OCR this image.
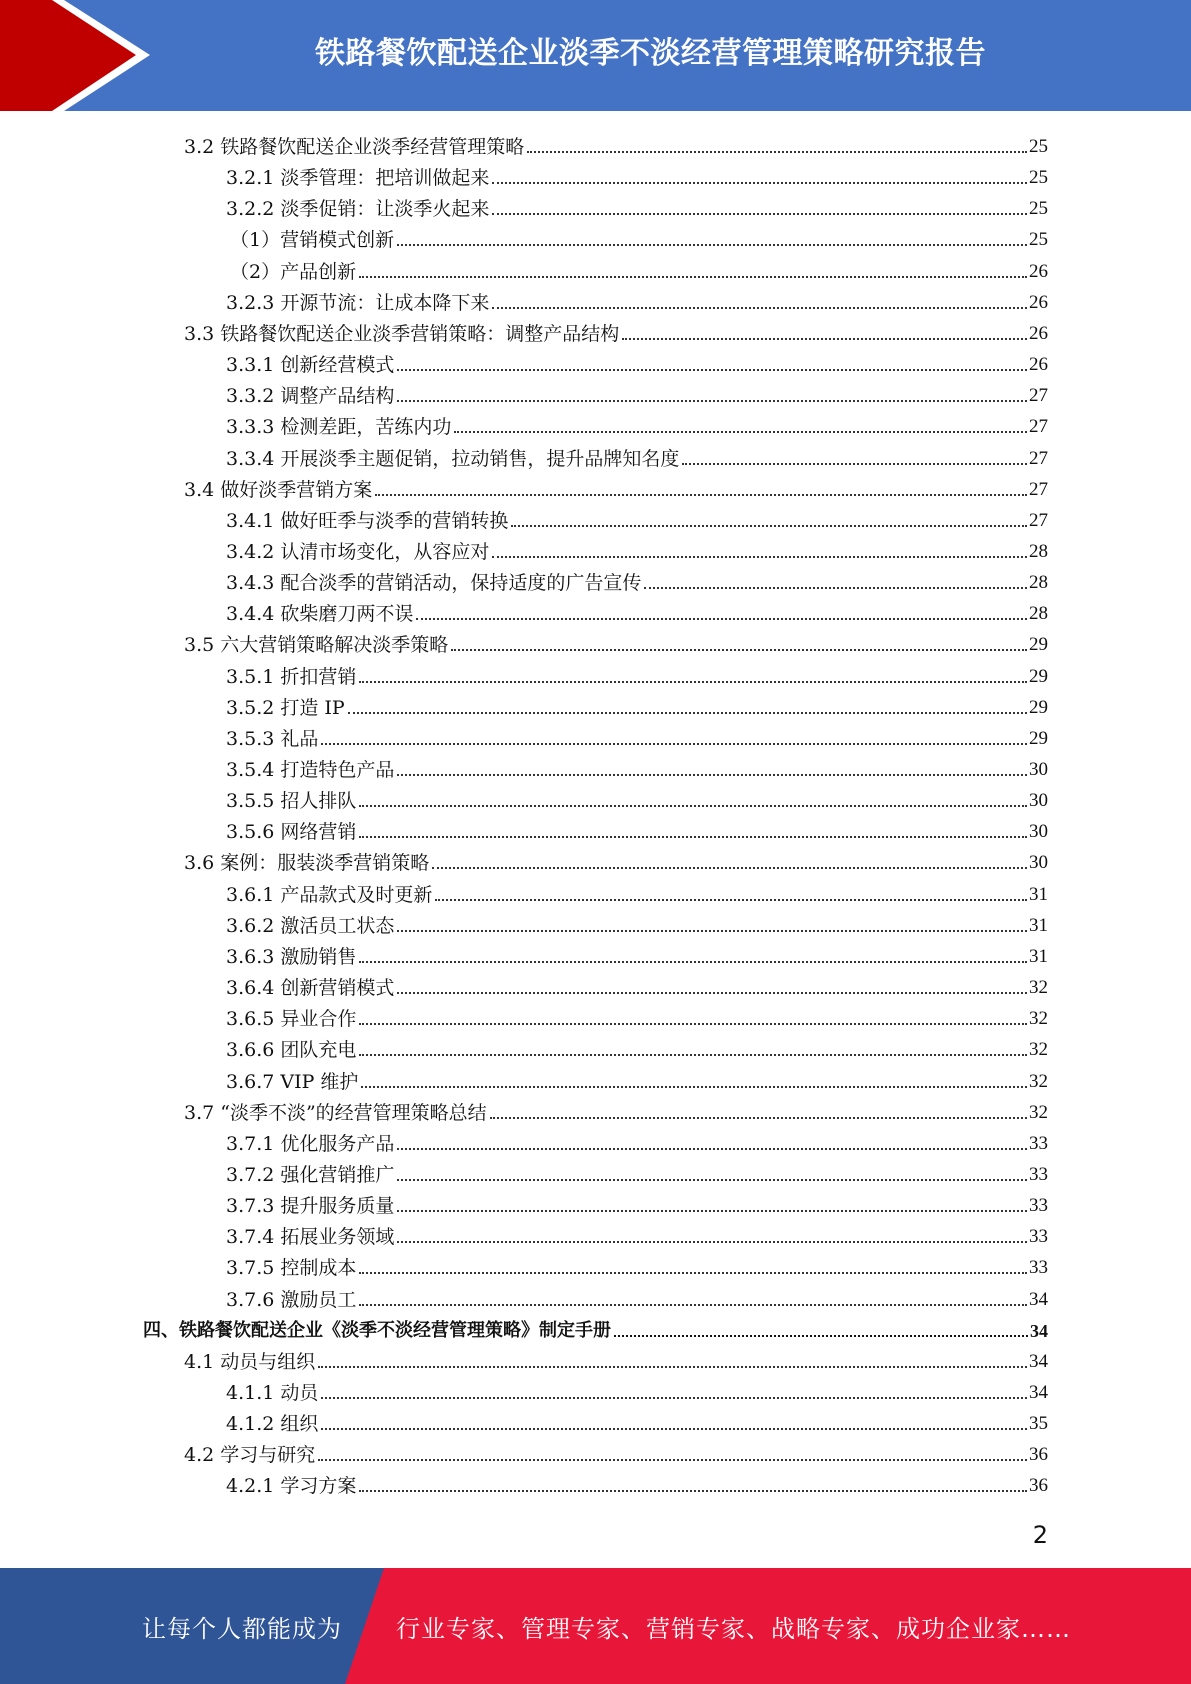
铁路餐饮配送企业淡季不淡经营管理策略研究报告
3.2 铁路餐饮配送企业淡季经营管理策略	25
3.2.1 淡季管理：把培训做起来	25
3.2.2 淡季促销：让淡季火起来	25
（1）营销模式创新	25
（2）产品创新	26
3.2.3 开源节流：让成本降下来	26
3.3 铁路餐饮配送企业淡季营销策略：调整产品结构	26
3.3.1 创新经营模式	26
3.3.2 调整产品结构	27
3.3.3 检测差距，苦练内功	27
3.3.4 开展淡季主题促销，拉动销售，提升品牌知名度	27
3.4 做好淡季营销方案	27
3.4.1 做好旺季与淡季的营销转换	27
3.4.2 认清市场变化，从容应对	28
3.4.3 配合淡季的营销活动，保持适度的广告宣传	28
3.4.4 砍柴磨刀两不误	28
3.5 六大营销策略解决淡季策略	29
3.5.1 折扣营销	29
3.5.2 打造 IP	29
3.5.3 礼品	29
3.5.4 打造特色产品	30
3.5.5 招人排队	30
3.5.6 网络营销	30
3.6 案例：服装淡季营销策略	30
3.6.1 产品款式及时更新	31
3.6.2 激活员工状态	31
3.6.3 激励销售	31
3.6.4 创新营销模式	32
3.6.5 异业合作	32
3.6.6 团队充电	32
3.6.7 VIP 维护	32
3.7 “淡季不淡”的经营管理策略总结	32
3.7.1 优化服务产品	33
3.7.2 强化营销推广	33
3.7.3 提升服务质量	33
3.7.4 拓展业务领域	33
3.7.5 控制成本	33
3.7.6 激励员工	34
四、铁路餐饮配送企业《淡季不淡经营管理策略》制定手册	34
4.1 动员与组织	34
4.1.1 动员	34
4.1.2 组织	35
4.2 学习与研究	36
4.2.1 学习方案	36
2
让每个人都能成为 行业专家、管理专家、营销专家、战略专家、成功企业家……
